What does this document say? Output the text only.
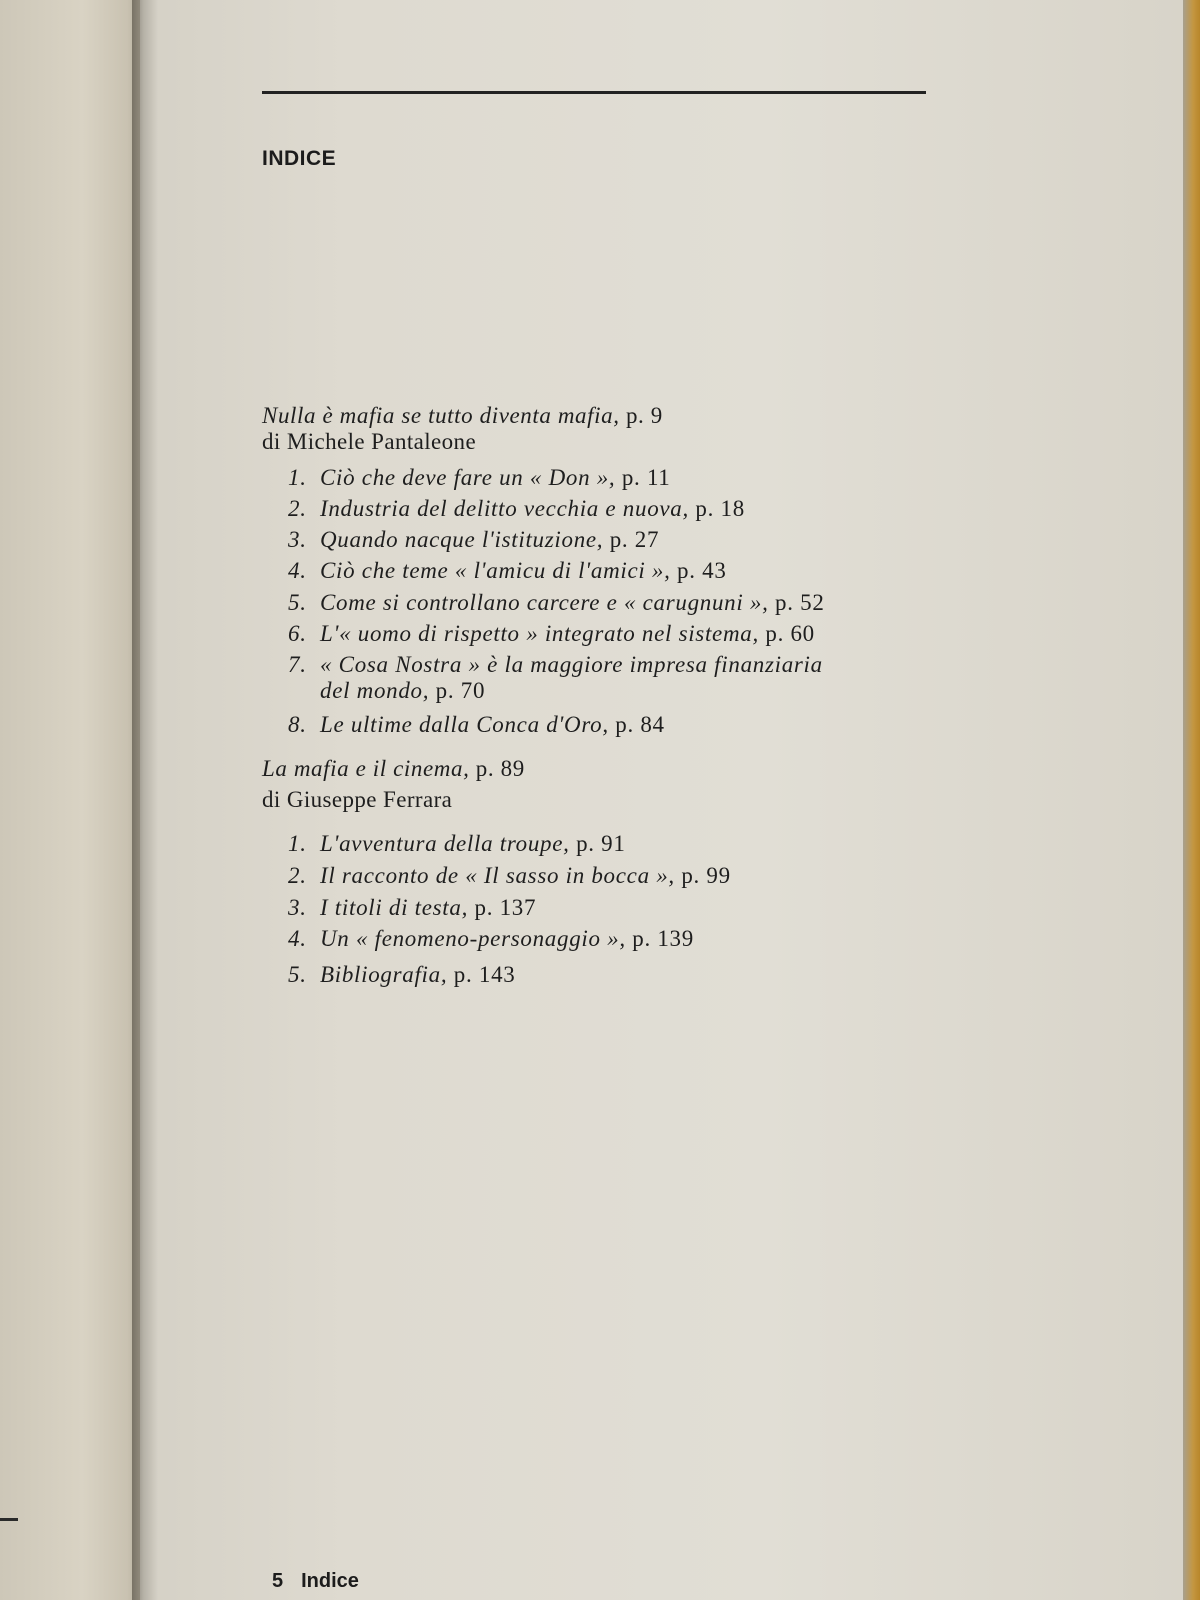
INDICE
Nulla è mafia se tutto diventa mafia, p. 9
di Michele Pantaleone
1. Ciò che deve fare un « Don », p. 11
2. Industria del delitto vecchia e nuova, p. 18
3. Quando nacque l'istituzione, p. 27
4. Ciò che teme « l'amicu di l'amici », p. 43
5. Come si controllano carcere e « carugnuni », p. 52
6. L'« uomo di rispetto » integrato nel sistema, p. 60
7. « Cosa Nostra » è la maggiore impresa finanziaria
del mondo, p. 70
8. Le ultime dalla Conca d'Oro, p. 84
La mafia e il cinema, p. 89
di Giuseppe Ferrara
1. L'avventura della troupe, p. 91
2. Il racconto de « Il sasso in bocca », p. 99
3. I titoli di testa, p. 137
4. Un « fenomeno-personaggio », p. 139
5. Bibliografia, p. 143
5 Indice
